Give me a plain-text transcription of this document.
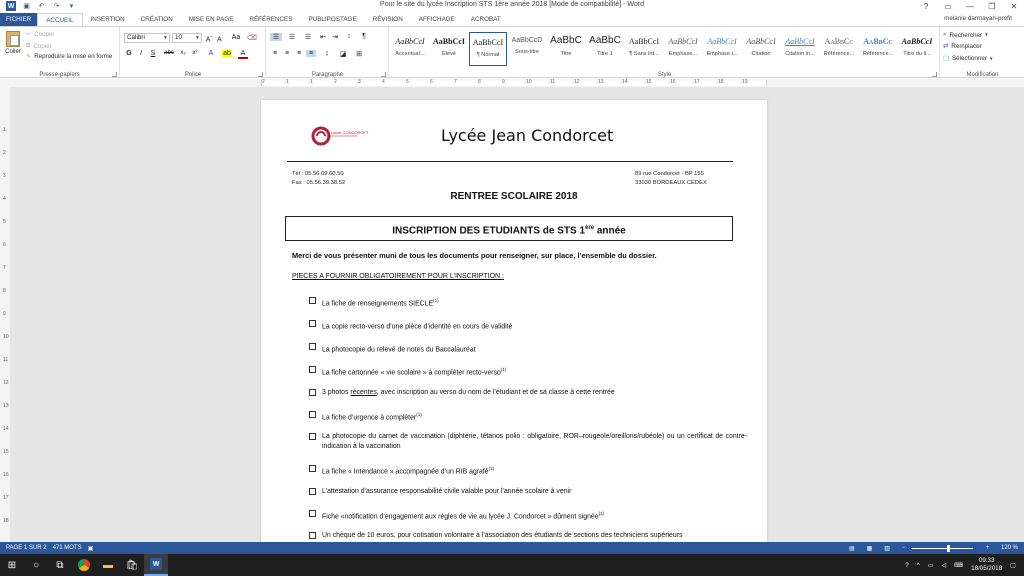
W ▣ ↶ ↷	▾	Pour le site du lycée Inscription STS 1ère année 2018 [Mode de compatibilité] - Word	?	▭ —	❐	✕
FICHIER	ACCUEIL	INSERTION	CRÉATION	MISE EN PAGE	RÉFÉRENCES	PUBLIPOSTAGE	RÉVISION	AFFICHAGE	ACROBAT	melanie darmayan-profit
Coller
✂ Couper
⧉ Copier
✎ Reproduire la mise en forme
Presse-papiers
Calibri	▼	10	▼ A^ $A^ˇ$	Aa ⌫
G	I	S	abc	x₂	x²	A	ab	A
Police
☰	☰	☰	⇤ ⇥	↕	¶
≡	≡	≡	≡	↨	◪ ⊞
Paragraphe
AaBbCcI
Accentuat...
AaBbCcI
Élevé
AaBbCcI
¶ Normal
AaBbCcD
Sous-titre
AaBbC
Titre
AaBbC
Titre 1
AaBbCcI
¶ Sans int...
AaBbCcI
Emphase...
AaBbCcI
Emphase i...
AaBbCcI
Citation
AaBbCcI
Citation in...
AaBbCc
Référence...
AaBbCc
Référence...
AaBbCcI
Titre du li...
Style
⌕ Rechercher ▾
⇄ Remplacer
⬚ Sélectionner ▾
Modification
2	1	1	2	3	4	5	6	7	8	9	10	11	12	13	14	15	16	17	18	19
1
2
3
4
5
6
7
8
9
10
11
12
13
14
15
16
17
18
Lycée CONDORCET	Lycée Jean Condorcet
Tél : 05.56.69.60.50
Fax : 05.56.39.38.52
89 rue Condorcet - BP 155
33030 BORDEAUX CEDEX
RENTREE SCOLAIRE 2018
INSCRIPTION DES ETUDIANTS de STS 1ère année
Merci de vous présenter muni de tous les documents pour renseigner, sur place, l’ensemble du dossier.
PIECES A FOURNIR OBLIGATOIREMENT POUR L’INSCRIPTION :
La fiche de renseignements SIECLE$^{(1)}$
La copie recto-verso d’une pièce d’identité en cours de validité
La photocopie du relevé de notes du Baccalauréat
La fiche cartonnée « vie scolaire » à compléter recto-verso$^{(1)}$
3 photos récentes, avec inscription au verso du nom de l’étudiant et de sa classe à cette rentrée
La fiche d’urgence à compléter$^{(1)}$
La photocopie du carnet de vaccination (diphtérie, tétanos polio : obligatoire, ROR–rougeole/oreillons/rubéole) ou un certificat de contre-indication à la vaccination
La fiche « Intendance » accompagnée d’un RIB agrafé$^{(1)}$
L’attestation d’assurance responsabilité civile valable pour l’année scolaire à venir
Fiche «notification d’engagement aux règles de vie au lycée J. Condorcet » dûment signée$^{(1)}$
Un chèque de 10 euros, pour cotisation volontaire à l’association des étudiants de sections des techniciens supérieurs
PAGE 1 SUR 2 471 MOTS ▣	▤ ▦ ▥ −	+ 120 %
⊞	○	⧉	▬	🛍	W	? ^ ▭ ◁ ⌨
09:33
18/05/2018 ▢
